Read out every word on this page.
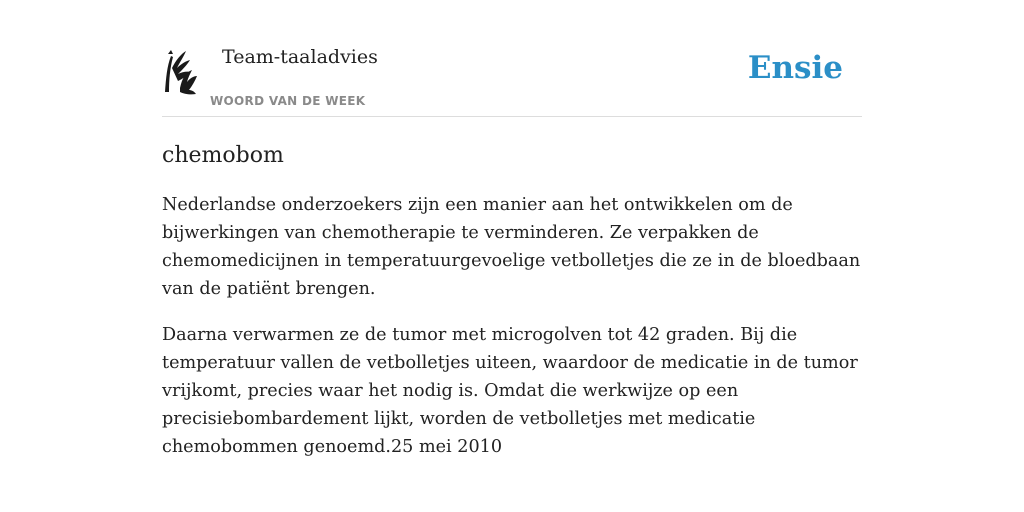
Team-taaladvies
WOORD VAN DE WEEK
Ensie
chemobom

Nederlandse onderzoekers zijn een manier aan het ontwikkelen om de bijwerkingen van chemotherapie te verminderen. Ze verpakken de chemomedicijnen in temperatuurgevoelige vetbolletjes die ze in de bloedbaan van de patiënt brengen.

Daarna verwarmen ze de tumor met microgolven tot 42 graden. Bij die temperatuur vallen de vetbolletjes uiteen, waardoor de medicatie in de tumor vrijkomt, precies waar het nodig is. Omdat die werkwijze op een precisiebombardement lijkt, worden de vetbolletjes met medicatie chemobommen genoemd.25 mei 2010
